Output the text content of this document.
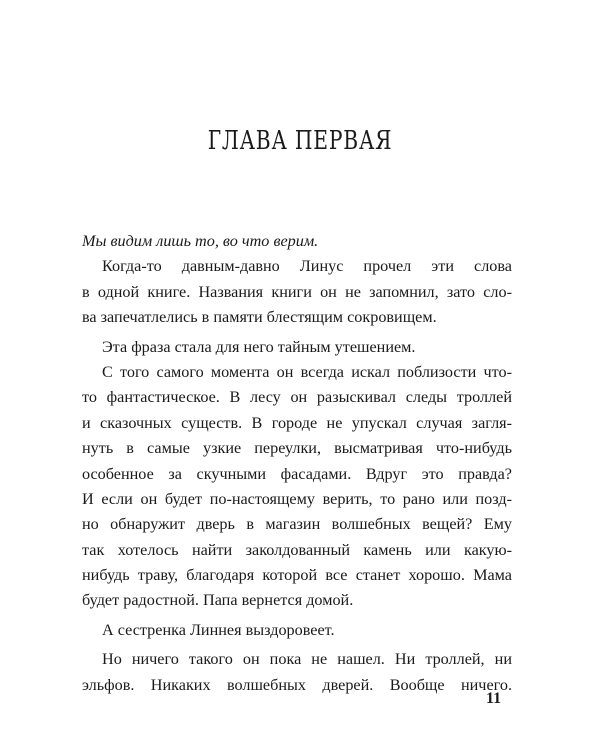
ГЛАВА ПЕРВАЯ
Мы видим лишь то, во что верим.
Когда-то давным-давно Линус прочел эти слова
в одной книге. Названия книги он не запомнил, зато сло-
ва запечатлелись в памяти блестящим сокровищем.
Эта фраза стала для него тайным утешением.
С того самого момента он всегда искал поблизости что-
то фантастическое. В лесу он разыскивал следы троллей
и сказочных существ. В городе не упускал случая загля-
нуть в самые узкие переулки, высматривая что-нибудь
особенное за скучными фасадами. Вдруг это правда?
И если он будет по-настоящему верить, то рано или позд-
но обнаружит дверь в магазин волшебных вещей? Ему
так хотелось найти заколдованный камень или какую-
нибудь траву, благодаря которой все станет хорошо. Мама
будет радостной. Папа вернется домой.
А сестренка Линнея выздоровеет.
Но ничего такого он пока не нашел. Ни троллей, ни
эльфов. Никаких волшебных дверей. Вообще ничего.
11
